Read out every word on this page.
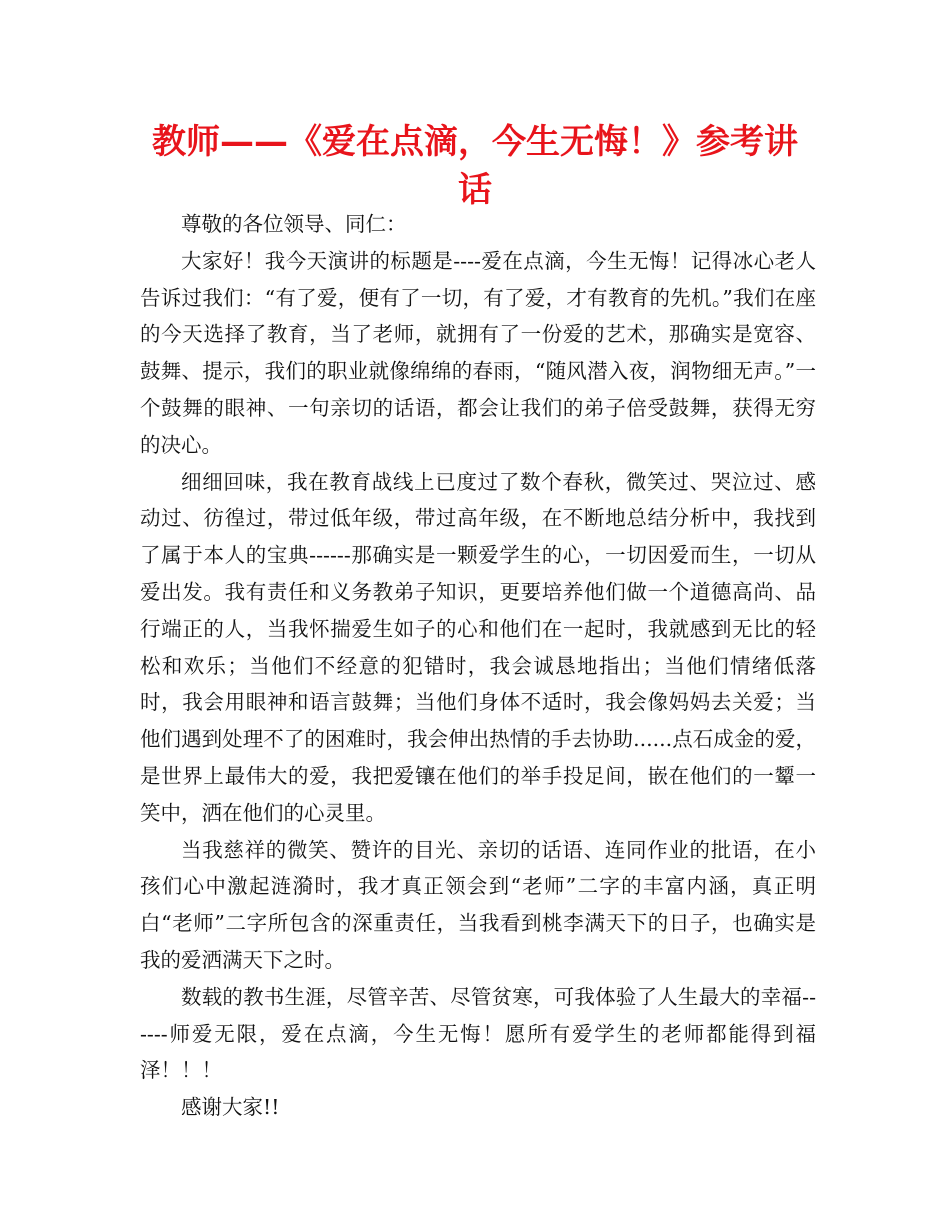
教师——《爱在点滴，今生无悔！》参考讲话

尊敬的各位领导、同仁：

大家好！我今天演讲的标题是----爱在点滴，今生无悔！记得冰心老人告诉过我们：“有了爱，便有了一切，有了爱，才有教育的先机。”我们在座的今天选择了教育，当了老师，就拥有了一份爱的艺术，那确实是宽容、鼓舞、提示，我们的职业就像绵绵的春雨，“随风潜入夜，润物细无声。”一个鼓舞的眼神、一句亲切的话语，都会让我们的弟子倍受鼓舞，获得无穷的决心。

细细回味，我在教育战线上已度过了数个春秋，微笑过、哭泣过、感动过、彷徨过，带过低年级，带过高年级，在不断地总结分析中，我找到了属于本人的宝典------那确实是一颗爱学生的心，一切因爱而生，一切从爱出发。我有责任和义务教弟子知识，更要培养他们做一个道德高尚、品行端正的人，当我怀揣爱生如子的心和他们在一起时，我就感到无比的轻松和欢乐；当他们不经意的犯错时，我会诚恳地指出；当他们情绪低落时，我会用眼神和语言鼓舞；当他们身体不适时，我会像妈妈去关爱；当他们遇到处理不了的困难时，我会伸出热情的手去协助......点石成金的爱，是世界上最伟大的爱，我把爱镶在他们的举手投足间，嵌在他们的一颦一笑中，洒在他们的心灵里。

当我慈祥的微笑、赞许的目光、亲切的话语、连同作业的批语，在小孩们心中激起涟漪时，我才真正领会到“老师”二字的丰富内涵，真正明白“老师”二字所包含的深重责任，当我看到桃李满天下的日子，也确实是我的爱洒满天下之时。

数载的教书生涯，尽管辛苦、尽管贫寒，可我体验了人生最大的幸福------师爱无限，爱在点滴，今生无悔！愿所有爱学生的老师都能得到福泽！！！

感谢大家!!
